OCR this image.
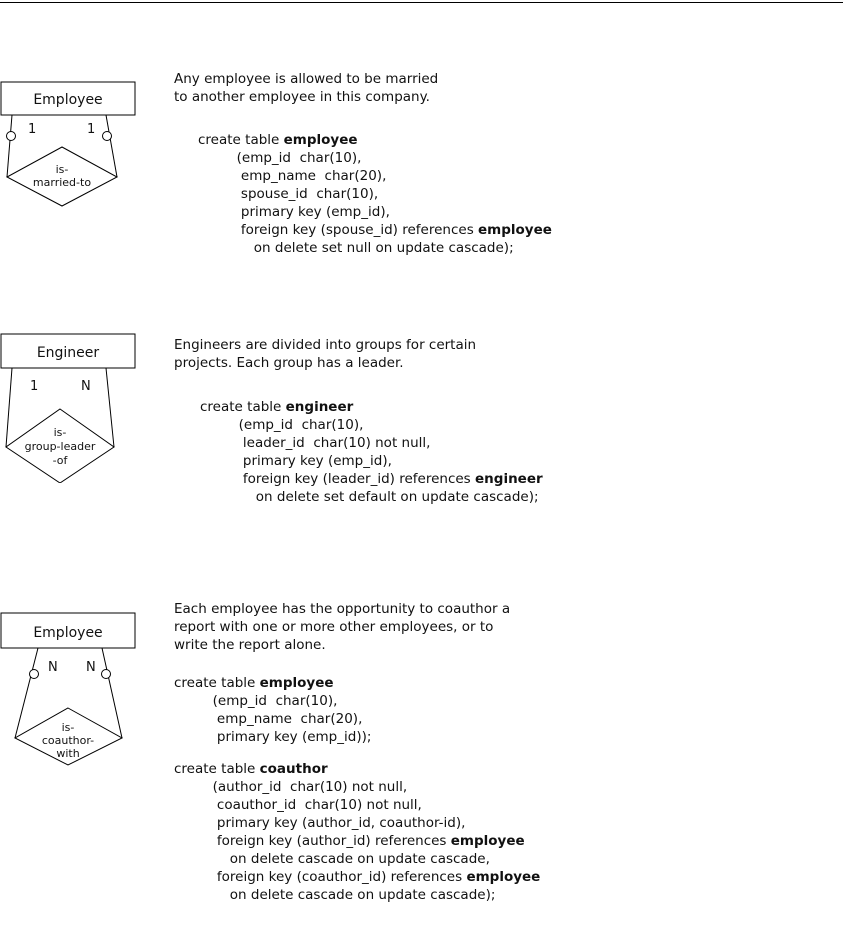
Employee
1	1
is-
married-to

Any employee is allowed to be married

to another employee in this company.

create table employee
(emp_id  char(10),
emp_name  char(20),
spouse_id  char(10),
primary key (emp_id),
foreign key (spouse_id) references employee
on delete set null on update cascade);
Engineer
1	N
is-
group-leader
-of

Engineers are divided into groups for certain

projects. Each group has a leader.

create table engineer
(emp_id  char(10),
leader_id  char(10) not null,
primary key (emp_id),
foreign key (leader_id) references engineer
on delete set default on update cascade);
Employee
N N
is-
coauthor-
with

Each employee has the opportunity to coauthor a

report with one or more other employees, or to

write the report alone.

create table employee
(emp_id  char(10),
emp_name  char(20),
primary key (emp_id));
create table coauthor
(author_id  char(10) not null,
coauthor_id  char(10) not null,
primary key (author_id, coauthor-id),
foreign key (author_id) references employee
on delete cascade on update cascade,
foreign key (coauthor_id) references employee
on delete cascade on update cascade);
